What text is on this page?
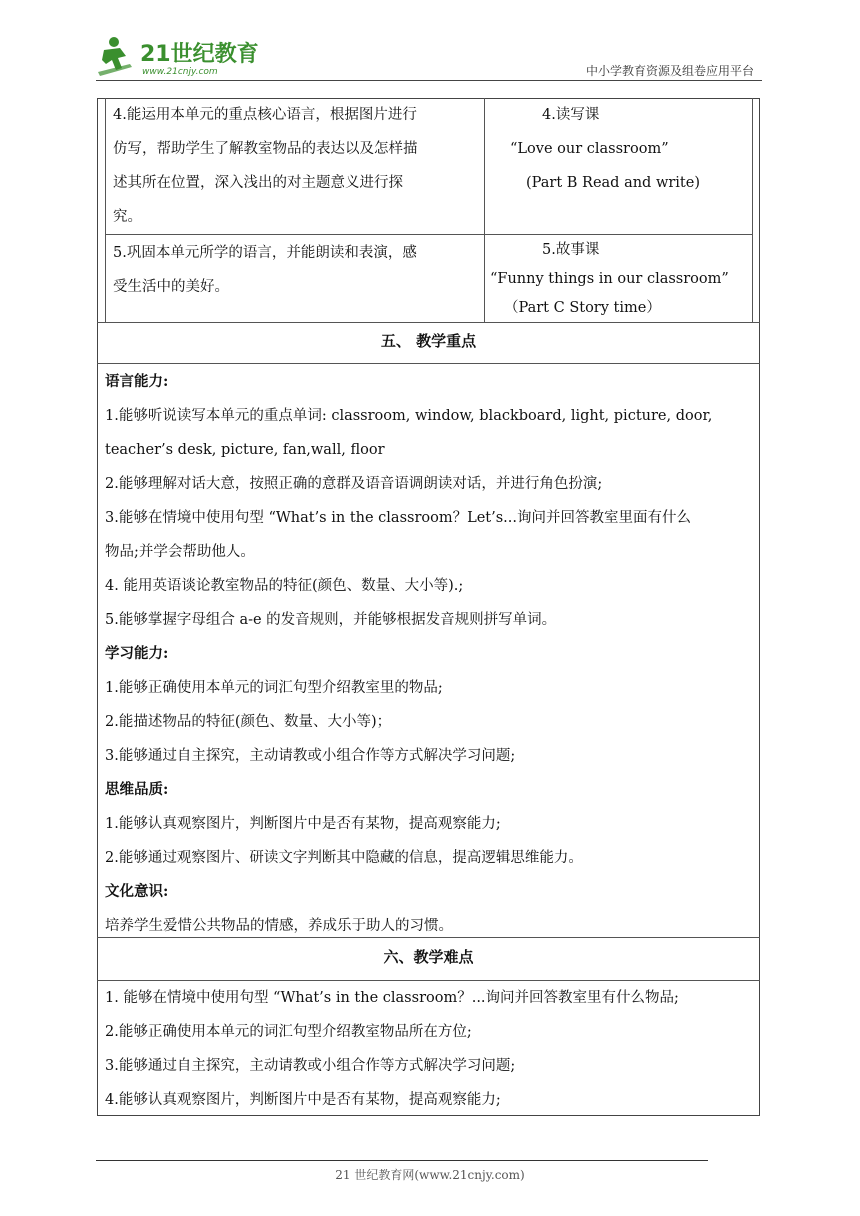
21世纪教育
www.21cnjy.com	中小学教育资源及组卷应用平台

4.能运用本单元的重点核心语言，根据图片进行

仿写，帮助学生了解教室物品的表达以及怎样描

述其所在位置，深入浅出的对主题意义进行探

究。

4.读写课

“Love our classroom”

(Part B Read and write)

5.巩固本单元所学的语言，并能朗读和表演，感

受生活中的美好。

5.故事课

“Funny things in our classroom”

（Part C Story time）

五、 教学重点

语言能力:

1.能够听说读写本单元的重点单词: classroom, window, blackboard, light, picture, door,

teacher’s desk, picture, fan,wall, floor

2.能够理解对话大意，按照正确的意群及语音语调朗读对话，并进行角色扮演;

3.能够在情境中使用句型 “What’s in the classroom？Let’s...询问并回答教室里面有什么

物品;并学会帮助他人。

4. 能用英语谈论教室物品的特征(颜色、数量、大小等).;

5.能够掌握字母组合 a-e 的发音规则，并能够根据发音规则拼写单词。

学习能力:

1.能够正确使用本单元的词汇句型介绍教室里的物品;

2.能描述物品的特征(颜色、数量、大小等)；

3.能够通过自主探究，主动请教或小组合作等方式解决学习问题;

思维品质:

1.能够认真观察图片，判断图片中是否有某物，提高观察能力;

2.能够通过观察图片、研读文字判断其中隐藏的信息，提高逻辑思维能力。

文化意识:

培养学生爱惜公共物品的情感，养成乐于助人的习惯。

六、教学难点

1. 能够在情境中使用句型 “What’s in the classroom？...询问并回答教室里有什么物品;

2.能够正确使用本单元的词汇句型介绍教室物品所在方位;

3.能够通过自主探究，主动请教或小组合作等方式解决学习问题;

4.能够认真观察图片，判断图片中是否有某物，提高观察能力;

21 世纪教育网(www.21cnjy.com)
